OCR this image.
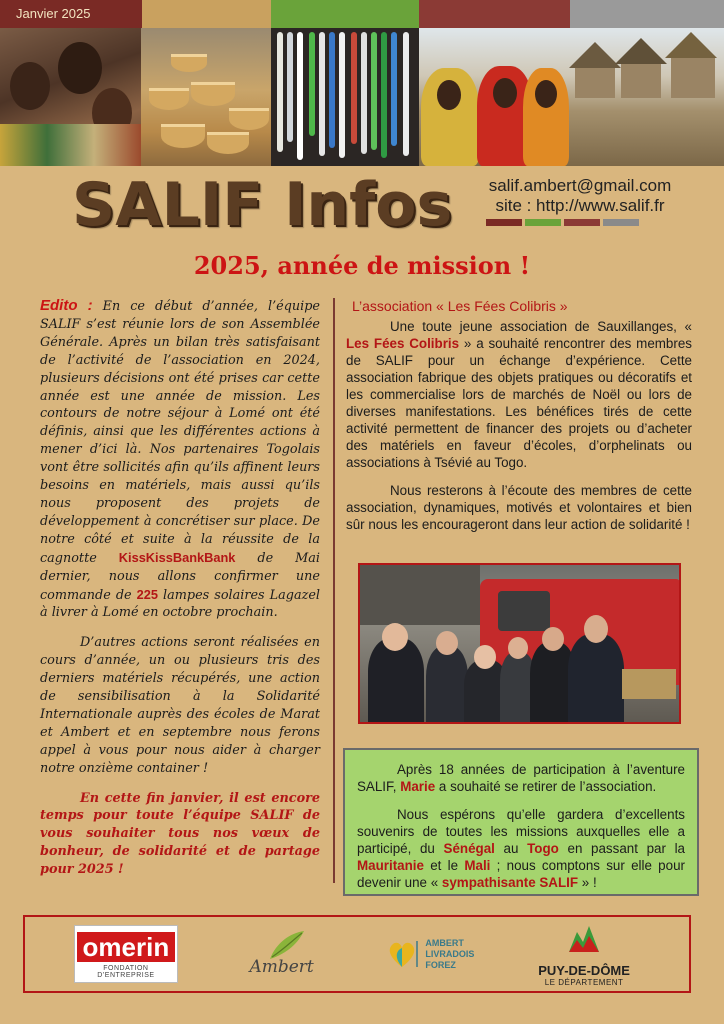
Janvier 2025
SALIF Infos	salif.ambert@gmail.com
site : http://www.salif.fr
2025, année de mission !

Edito : En ce début d’année, l’équipe SALIF s’est réunie lors de son Assemblée Générale. Après un bilan très satisfaisant de l’activité de l’association en 2024, plusieurs décisions ont été prises car cette année est une année de mission. Les contours de notre séjour à Lomé ont été définis, ainsi que les différentes actions à mener d’ici là. Nos partenaires Togolais vont être sollicités afin qu’ils affinent leurs besoins en matériels, mais aussi qu’ils nous proposent des projets de développement à concrétiser sur place. De notre côté et suite à la réussite de la cagnotte KissKissBankBank de Mai dernier, nous allons confirmer une commande de 225 lampes solaires Lagazel à livrer à Lomé en octobre prochain.

D’autres actions seront réalisées en cours d’année, un ou plusieurs tris des derniers matériels récupérés, une action de sensibilisation à la Solidarité Internationale auprès des écoles de Marat et Ambert et en septembre nous ferons appel à vous pour nous aider à charger notre onzième container !

En cette fin janvier, il est encore temps pour toute l’équipe SALIF de vous souhaiter tous nos vœux de bonheur, de solidarité et de partage pour 2025 !

L’association « Les Fées Colibris »

Une toute jeune association de Sauxillanges, « Les Fées Colibris » a souhaité rencontrer des membres de SALIF pour un échange d’expérience. Cette association fabrique des objets pratiques ou décoratifs et les commercialise lors de marchés de Noël ou lors de diverses manifestations. Les bénéfices tirés de cette activité permettent de financer des projets ou d’acheter des matériels en faveur d’écoles, d’orphelinats ou associations à Tsévié au Togo.

Nous resterons à l’écoute des membres de cette association, dynamiques, motivés et volontaires et bien sûr nous les encourageront dans leur action de solidarité !

Après 18 années de participation à l’aventure SALIF, Marie a souhaité se retirer de l’association.

Nous espérons qu’elle gardera d’excellents souvenirs de toutes les missions auxquelles elle a participé, du Sénégal au Togo en passant par la Mauritanie et le Mali ; nous comptons sur elle pour devenir une « sympathisante SALIF » !

omerin
FONDATION D’ENTREPRISE	Ambert
AMBERT
LIVRADOIS
FOREZ	PUY-DE-DÔME
LE DÉPARTEMENT
